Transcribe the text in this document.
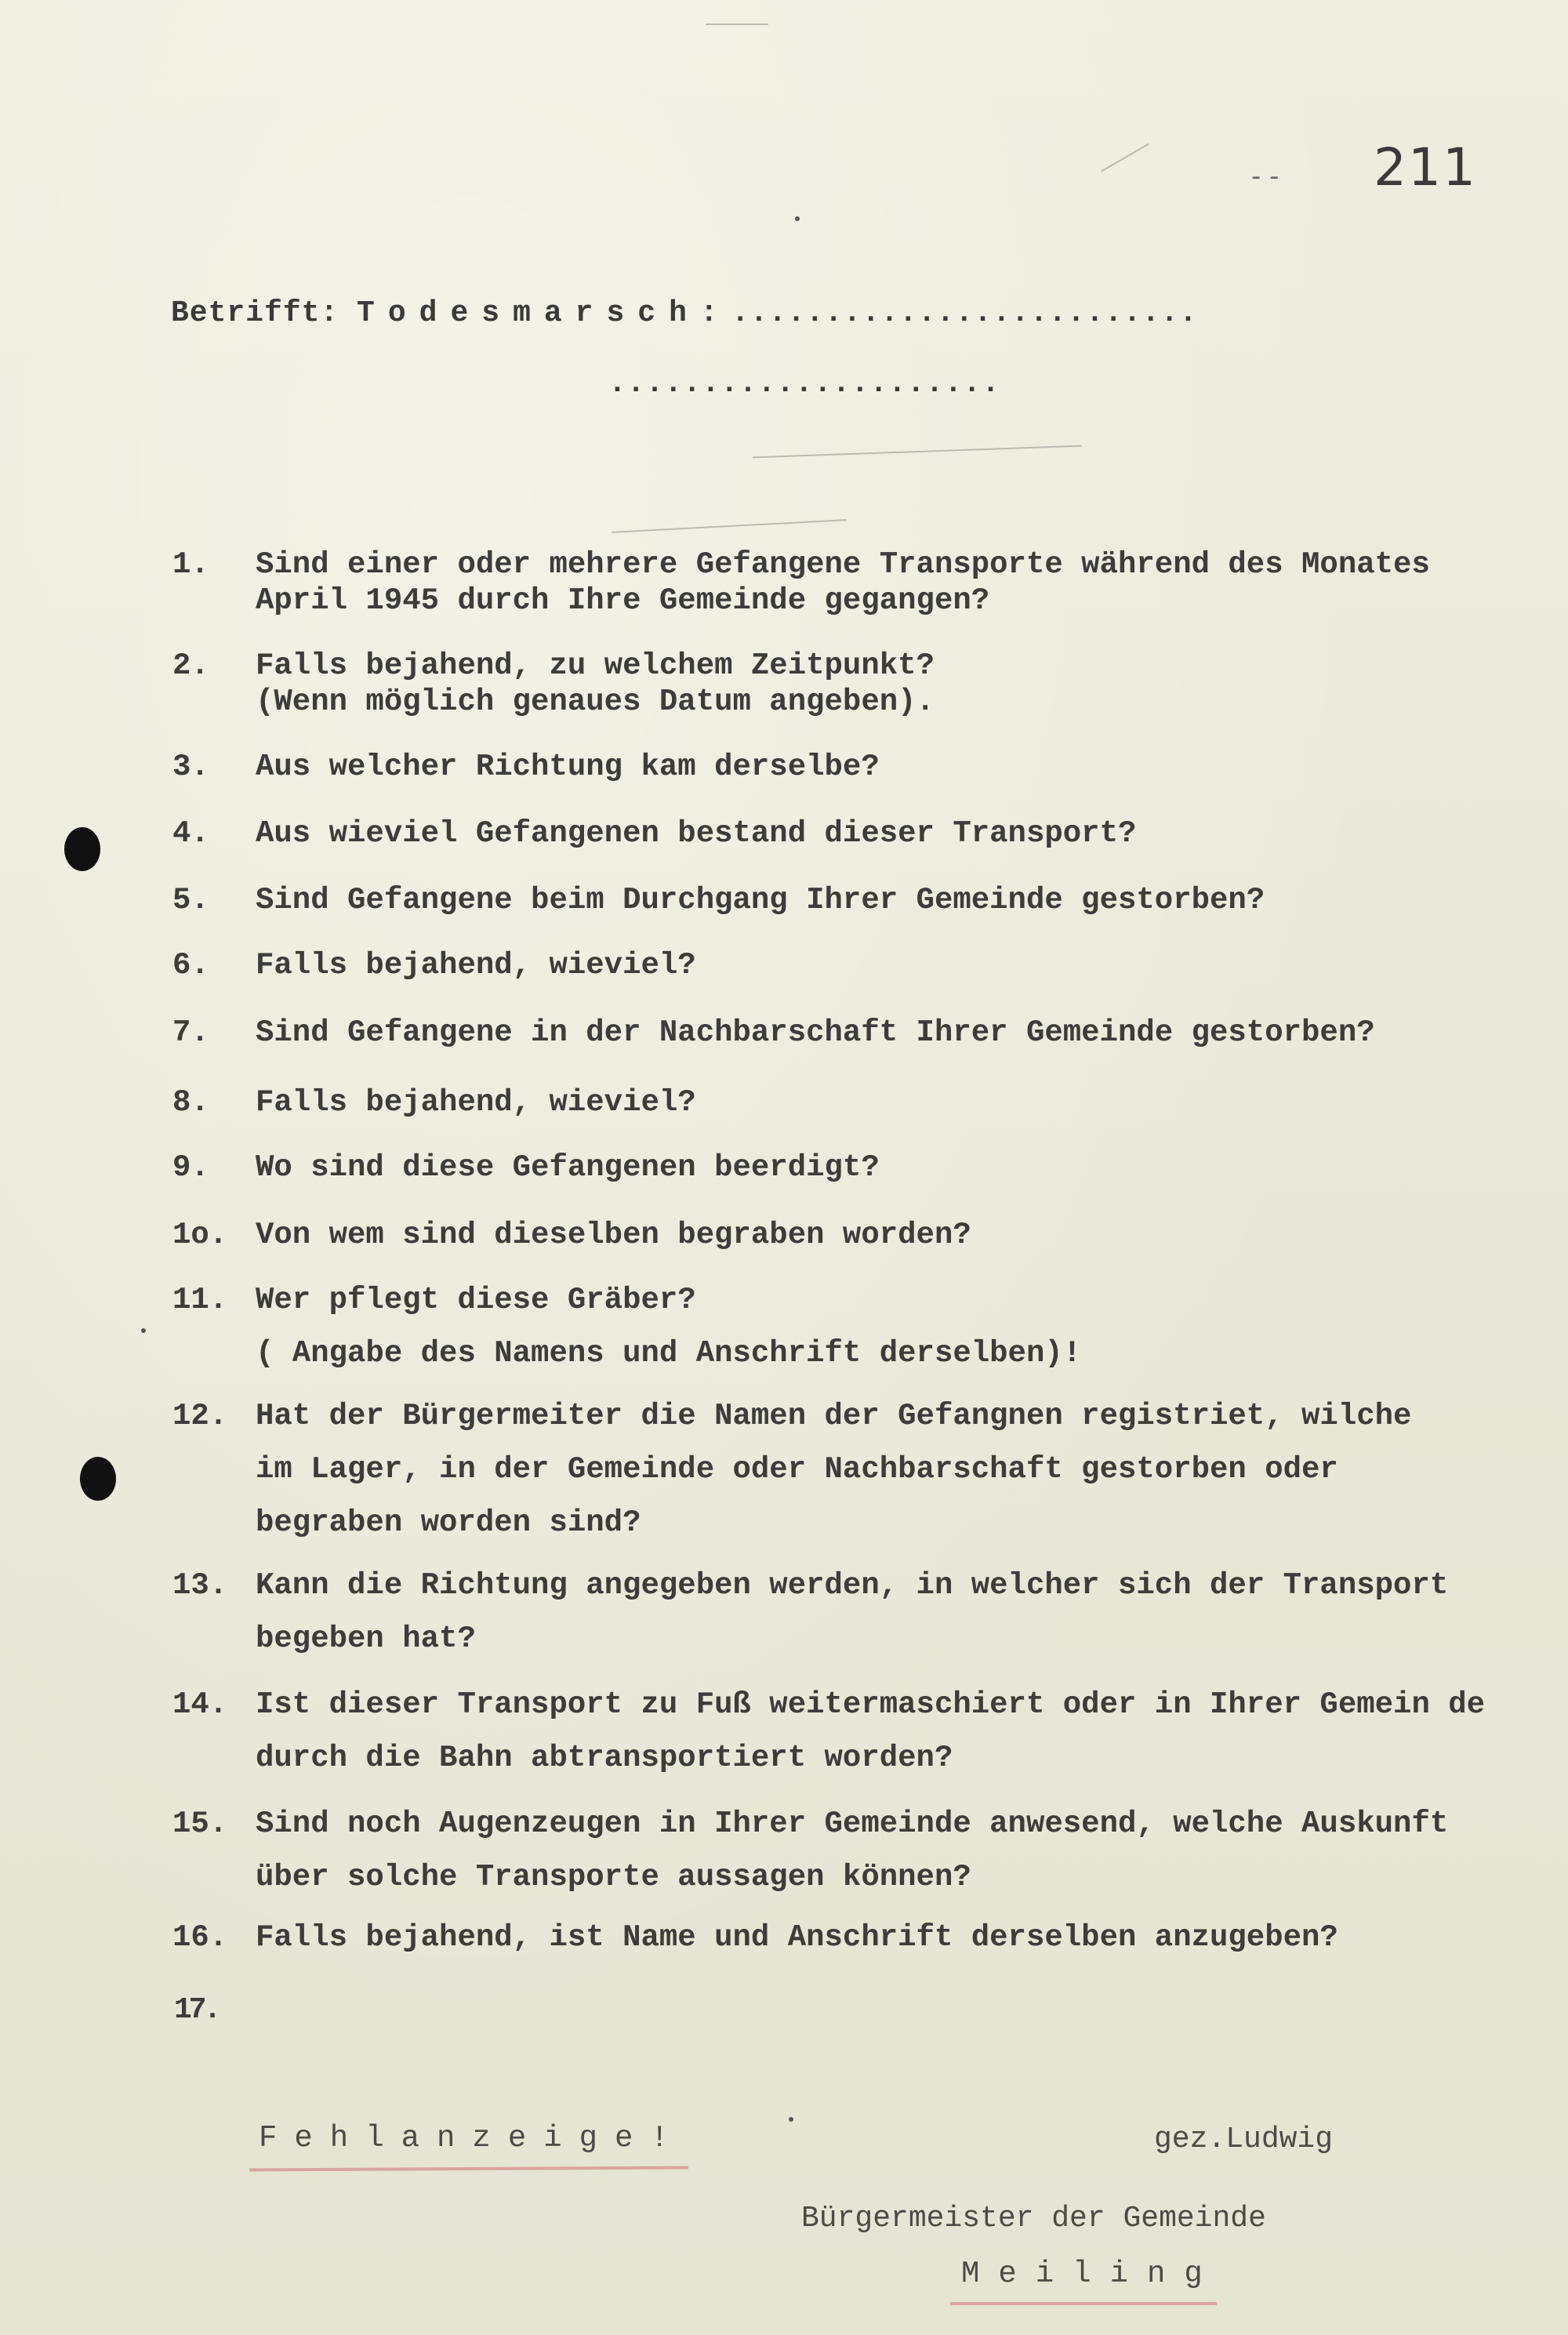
- - 211
Betrifft: Todesmarsch:.........................
.....................
1.	Sind einer oder mehrere Gefangene Transporte während des Monates
April 1945 durch Ihre Gemeinde gegangen?
2.	Falls bejahend, zu welchem Zeitpunkt?
(Wenn möglich genaues Datum angeben).
3.	Aus welcher Richtung kam derselbe?
4.	Aus wieviel Gefangenen bestand dieser Transport?
5.	Sind Gefangene beim Durchgang Ihrer Gemeinde gestorben?
6.	Falls bejahend, wieviel?
7.	Sind Gefangene in der Nachbarschaft Ihrer Gemeinde gestorben?
8.	Falls bejahend, wieviel?
9.	Wo sind diese Gefangenen beerdigt?
1o. Von wem sind dieselben begraben worden?
11. Wer pflegt diese Gräber?
( Angabe des Namens und Anschrift derselben)!
12. Hat der Bürgermeiter die Namen der Gefangnen registriet, wilche
im Lager, in der Gemeinde oder Nachbarschaft gestorben oder
begraben worden sind?
13. Kann die Richtung angegeben werden, in welcher sich der Transport
begeben hat?
14. Ist dieser Transport zu Fuß weitermaschiert oder in Ihrer Gemein de
durch die Bahn abtransportiert worden?
15. Sind noch Augenzeugen in Ihrer Gemeinde anwesend, welche Auskunft
über solche Transporte aussagen können?
16. Falls bejahend, ist Name und Anschrift derselben anzugeben?
17.
Fehlanzeige!	gez.Ludwig
Bürgermeister der Gemeinde
Meiling
